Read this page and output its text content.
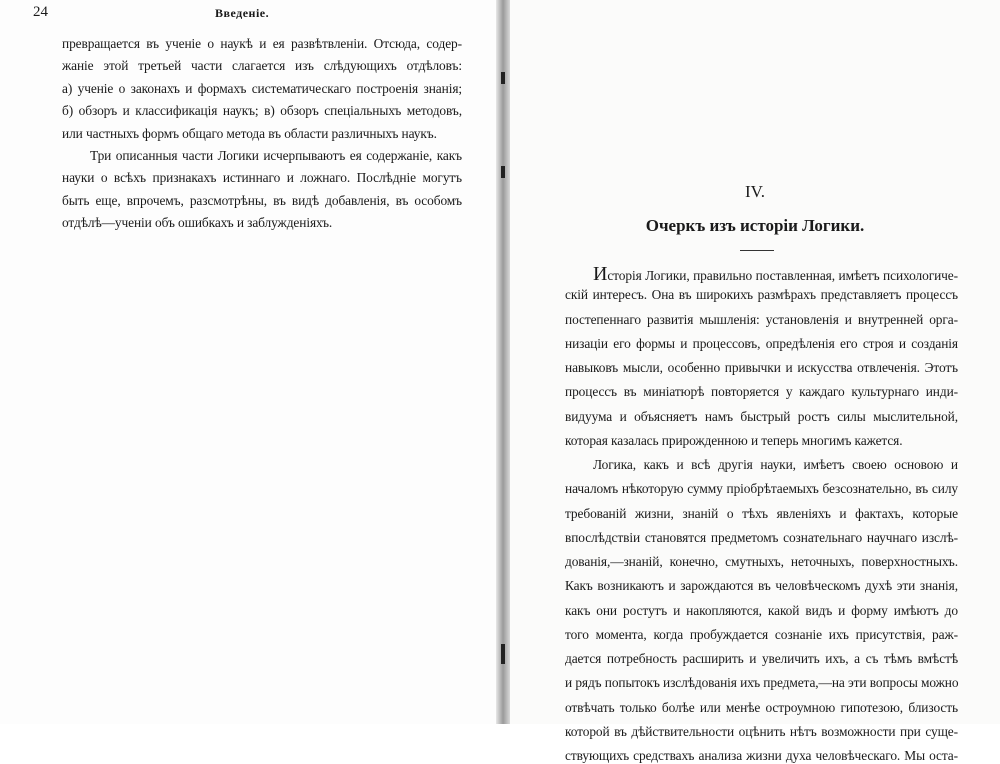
24	Введеніе.
превращается въ ученіе о наукѣ и ея развѣтвленіи. Отсюда, содер-
жаніе этой третьей части слагается изъ слѣдующихъ отдѣловъ:
а) ученіе о законахъ и формахъ систематическаго построенія знанія;
б) обзоръ и классификація наукъ; в) обзоръ спеціальныхъ методовъ,
или частныхъ формъ общаго метода въ области различныхъ наукъ.
Три описанныя части Логики исчерпываютъ ея содержаніе, какъ
науки о всѣхъ признакахъ истиннаго и ложнаго. Послѣдніе могутъ
быть еще, впрочемъ, разсмотрѣны, въ видѣ добавленія, въ особомъ
отдѣлѣ—ученіи объ ошибкахъ и заблужденіяхъ.
IV.
Очеркъ изъ исторіи Логики.
Исторія Логики, правильно поставленная, имѣетъ психологиче-
скій интересъ. Она въ широкихъ размѣрахъ представляетъ процессъ
постепеннаго развитія мышленія: установленія и внутренней орга-
низаціи его формы и процессовъ, опредѣленія его строя и созданія
навыковъ мысли, особенно привычки и искусства отвлеченія. Этотъ
процессъ въ миніатюрѣ повторяется у каждаго культурнаго инди-
видуума и объясняетъ намъ быстрый ростъ силы мыслительной,
которая казалась прирожденною и теперь многимъ кажется.
Логика, какъ и всѣ другія науки, имѣетъ своею основою и
началомъ нѣкоторую сумму пріобрѣтаемыхъ безсознательно, въ силу
требованій жизни, знаній о тѣхъ явленіяхъ и фактахъ, которые
впослѣдствіи становятся предметомъ сознательнаго научнаго изслѣ-
дованія,—знаній, конечно, смутныхъ, неточныхъ, поверхностныхъ.
Какъ возникаютъ и зарождаются въ человѣческомъ духѣ эти знанія,
какъ они ростутъ и накопляются, какой видъ и форму имѣютъ до
того момента, когда пробуждается сознаніе ихъ присутствія, раж-
дается потребность расширить и увеличить ихъ, а съ тѣмъ вмѣстѣ
и рядъ попытокъ изслѣдованія ихъ предмета,—на эти вопросы можно
отвѣчать только болѣе или менѣе остроумною гипотезою, близость
которой въ дѣйствительности оцѣнить нѣтъ возможности при суще-
ствующихъ средствахъ анализа жизни духа человѣческаго. Мы оста-
